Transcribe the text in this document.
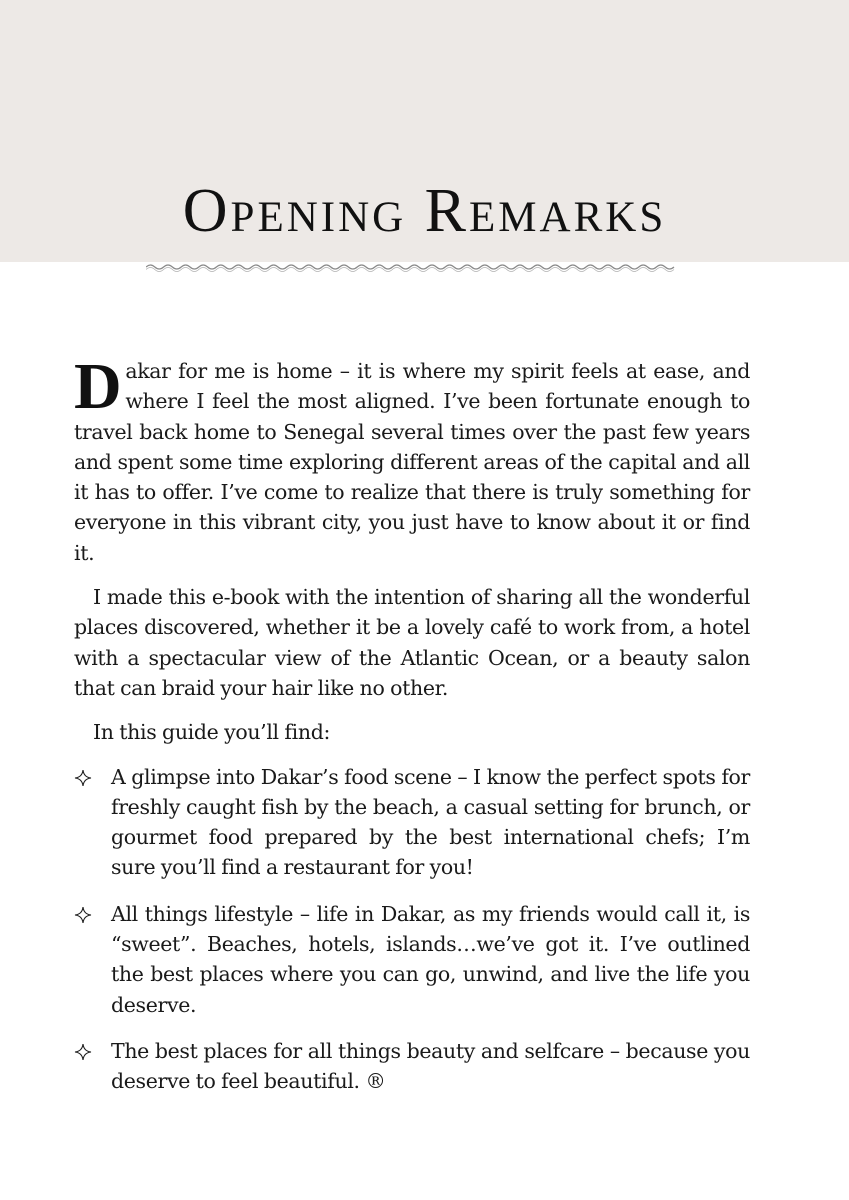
Opening Remarks

Dakar for me is home – it is where my spirit feels at ease, and where I feel the most aligned. I’ve been fortunate enough to travel back home to Senegal several times over the past few years and spent some time exploring different areas of the capital and all it has to offer. I’ve come to realize that there is truly something for everyone in this vibrant city, you just have to know about it or find it.

I made this e-book with the intention of sharing all the wonderful places discovered, whether it be a lovely café to work from, a hotel with a spectacular view of the Atlantic Ocean, or a beauty salon that can braid your hair like no other.

In this guide you’ll find:

A glimpse into Dakar’s food scene – I know the perfect spots for freshly caught fish by the beach, a casual setting for brunch, or gourmet food prepared by the best international chefs; I’m sure you’ll find a restaurant for you!
All things lifestyle – life in Dakar, as my friends would call it, is “sweet”. Beaches, hotels, islands…we’ve got it. I’ve outlined the best places where you can go, unwind, and live the life you deserve.
The best places for all things beauty and selfcare – because you deserve to feel beautiful. ®
